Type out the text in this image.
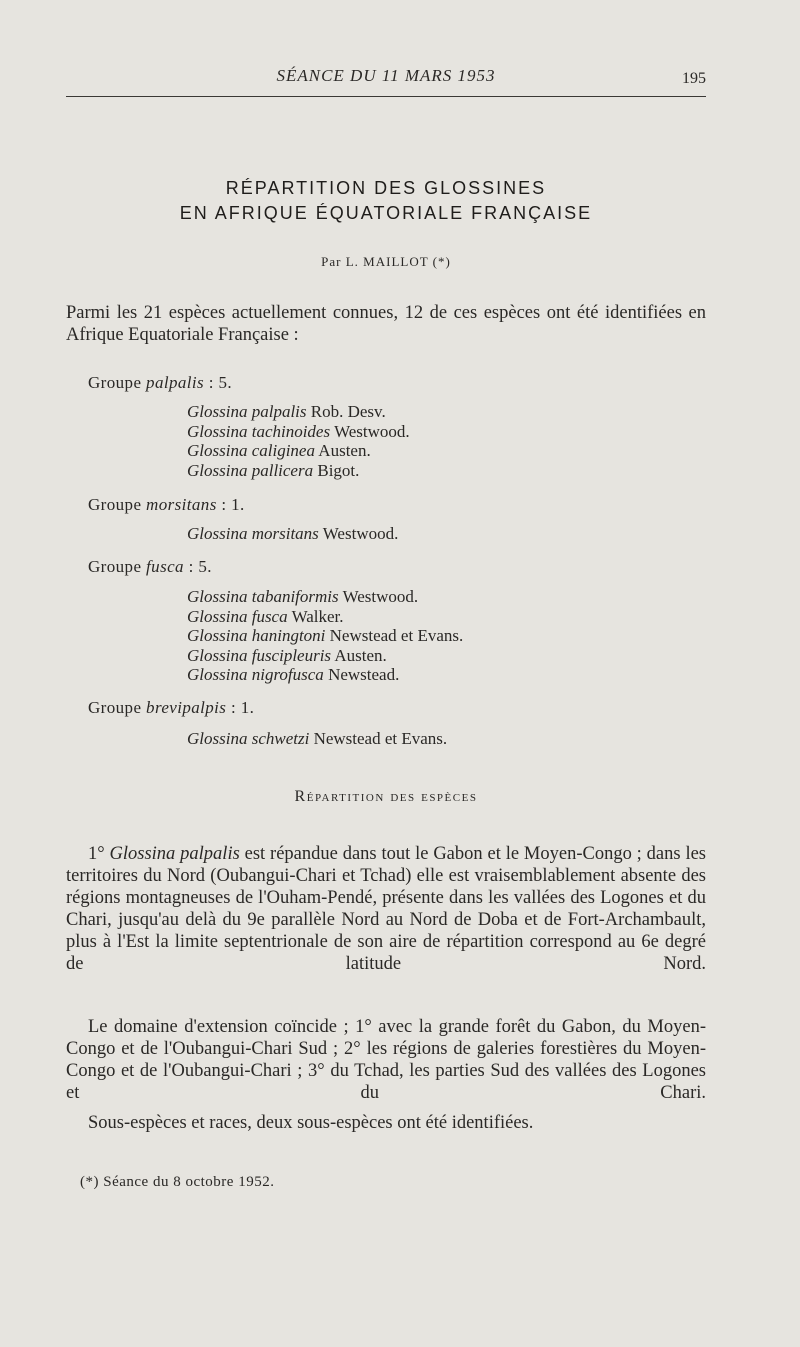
SÉANCE DU 11 MARS 1953	195
RÉPARTITION DES GLOSSINES
EN AFRIQUE ÉQUATORIALE FRANÇAISE
Par L. MAILLOT (*)
Parmi les 21 espèces actuellement connues, 12 de ces espèces ont été identifiées en Afrique Equatoriale Française :
Groupe palpalis : 5.
Glossina palpalis Rob. Desv.
Glossina tachinoides Westwood.
Glossina caliginea Austen.
Glossina pallicera Bigot.
Groupe morsitans : 1.
Glossina morsitans Westwood.
Groupe fusca : 5.
Glossina tabaniformis Westwood.
Glossina fusca Walker.
Glossina haningtoni Newstead et Evans.
Glossina fuscipleuris Austen.
Glossina nigrofusca Newstead.
Groupe brevipalpis : 1.
Glossina schwetzi Newstead et Evans.
Répartition des espèces
1° Glossina palpalis est répandue dans tout le Gabon et le Moyen-Congo ; dans les territoires du Nord (Oubangui-Chari et Tchad) elle est vraisemblablement absente des régions montagneuses de l'Ouham-Pendé, présente dans les vallées des Logones et du Chari, jusqu'au delà du 9e parallèle Nord au Nord de Doba et de Fort-Archambault, plus à l'Est la limite septentrionale de son aire de répartition correspond au 6e degré de latitude Nord.
Le domaine d'extension coïncide ; 1° avec la grande forêt du Gabon, du Moyen-Congo et de l'Oubangui-Chari Sud ; 2° les régions de galeries forestières du Moyen-Congo et de l'Oubangui-Chari ; 3° du Tchad, les parties Sud des vallées des Logones et du Chari.
Sous-espèces et races, deux sous-espèces ont été identifiées.
(*) Séance du 8 octobre 1952.
